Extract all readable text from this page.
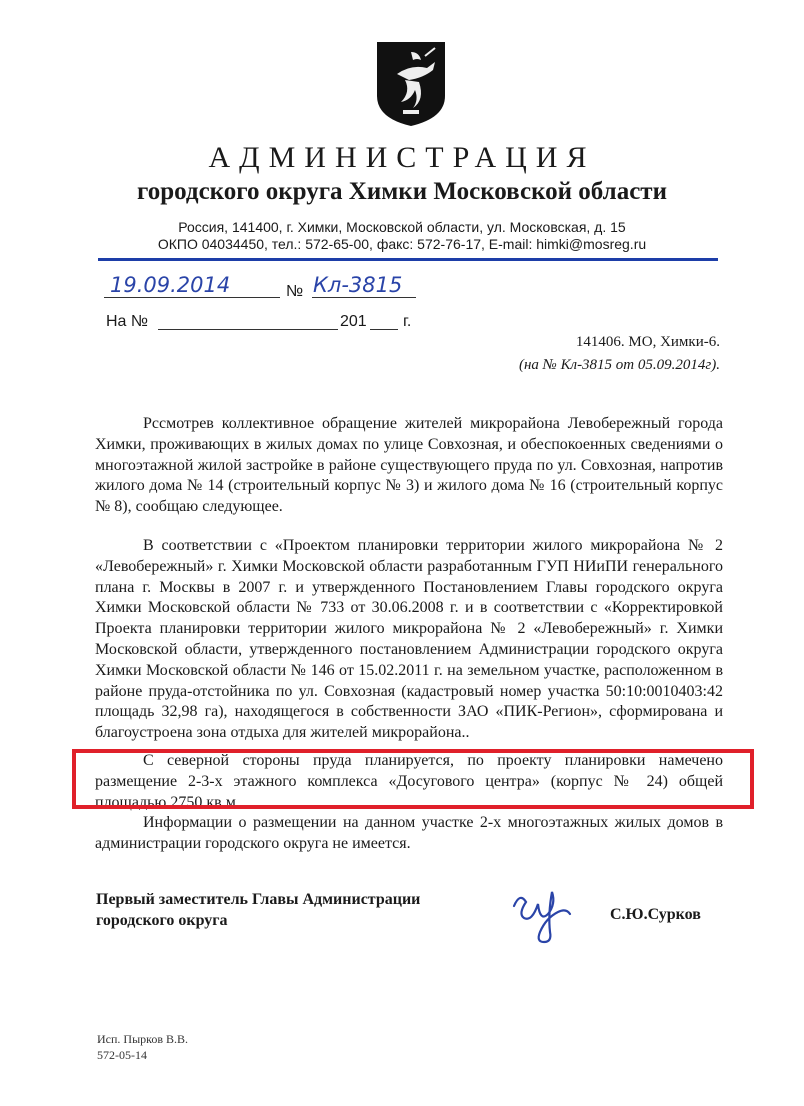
АДМИНИСТРАЦИЯ
городского округа Химки Московской области
Россия, 141400, г. Химки, Московской области, ул. Московская, д. 15
ОКПО 04034450, тел.: 572-65-00, факс: 572-76-17, E-mail: himki@mosreg.ru
19.09.2014	№ Кл-3815
На №	201 г.
141406. МО, Химки-6.
(на № Кл-3815 от 05.09.2014г).

Рссмотрев коллективное обращение жителей микрорайона Левобережный города Химки, проживающих в жилых домах по улице Совхозная, и обеспокоенных сведениями о многоэтажной жилой застройке в районе существующего пруда по ул. Совхозная, напротив жилого дома № 14 (строительный корпус № 3) и жилого дома № 16 (строительный корпус № 8), сообщаю следующее.

В соответствии с «Проектом планировки территории жилого микрорайона № 2 «Левобережный» г. Химки Московской области разработанным ГУП НИиПИ генерального плана г. Москвы в 2007 г. и утвержденного Постановлением Главы городского округа Химки Московской области № 733 от 30.06.2008 г. и в соответствии с «Корректировкой Проекта планировки территории жилого микрорайона № 2 «Левобережный» г. Химки Московской области, утвержденного постановлением Администрации городского округа Химки Московской области № 146 от 15.02.2011 г. на земельном участке, расположенном в районе пруда-отстойника по ул. Совхозная (кадастровый номер участка 50:10:0010403:42 площадь 32,98 га), находящегося в собственности ЗАО «ПИК-Регион», сформирована и благоустроена зона отдыха для жителей микрорайона..

С северной стороны пруда планируется, по проекту планировки намечено размещение 2-3-х этажного комплекса «Досугового центра» (корпус № 24) общей площадью 2750 кв.м.

Информации о размещении на данном участке 2-х многоэтажных жилых домов в администрации городского округа не имеется.

Первый заместитель Главы Администрации
городского округа	С.Ю.Сурков
Исп. Пырков В.В.
572-05-14
